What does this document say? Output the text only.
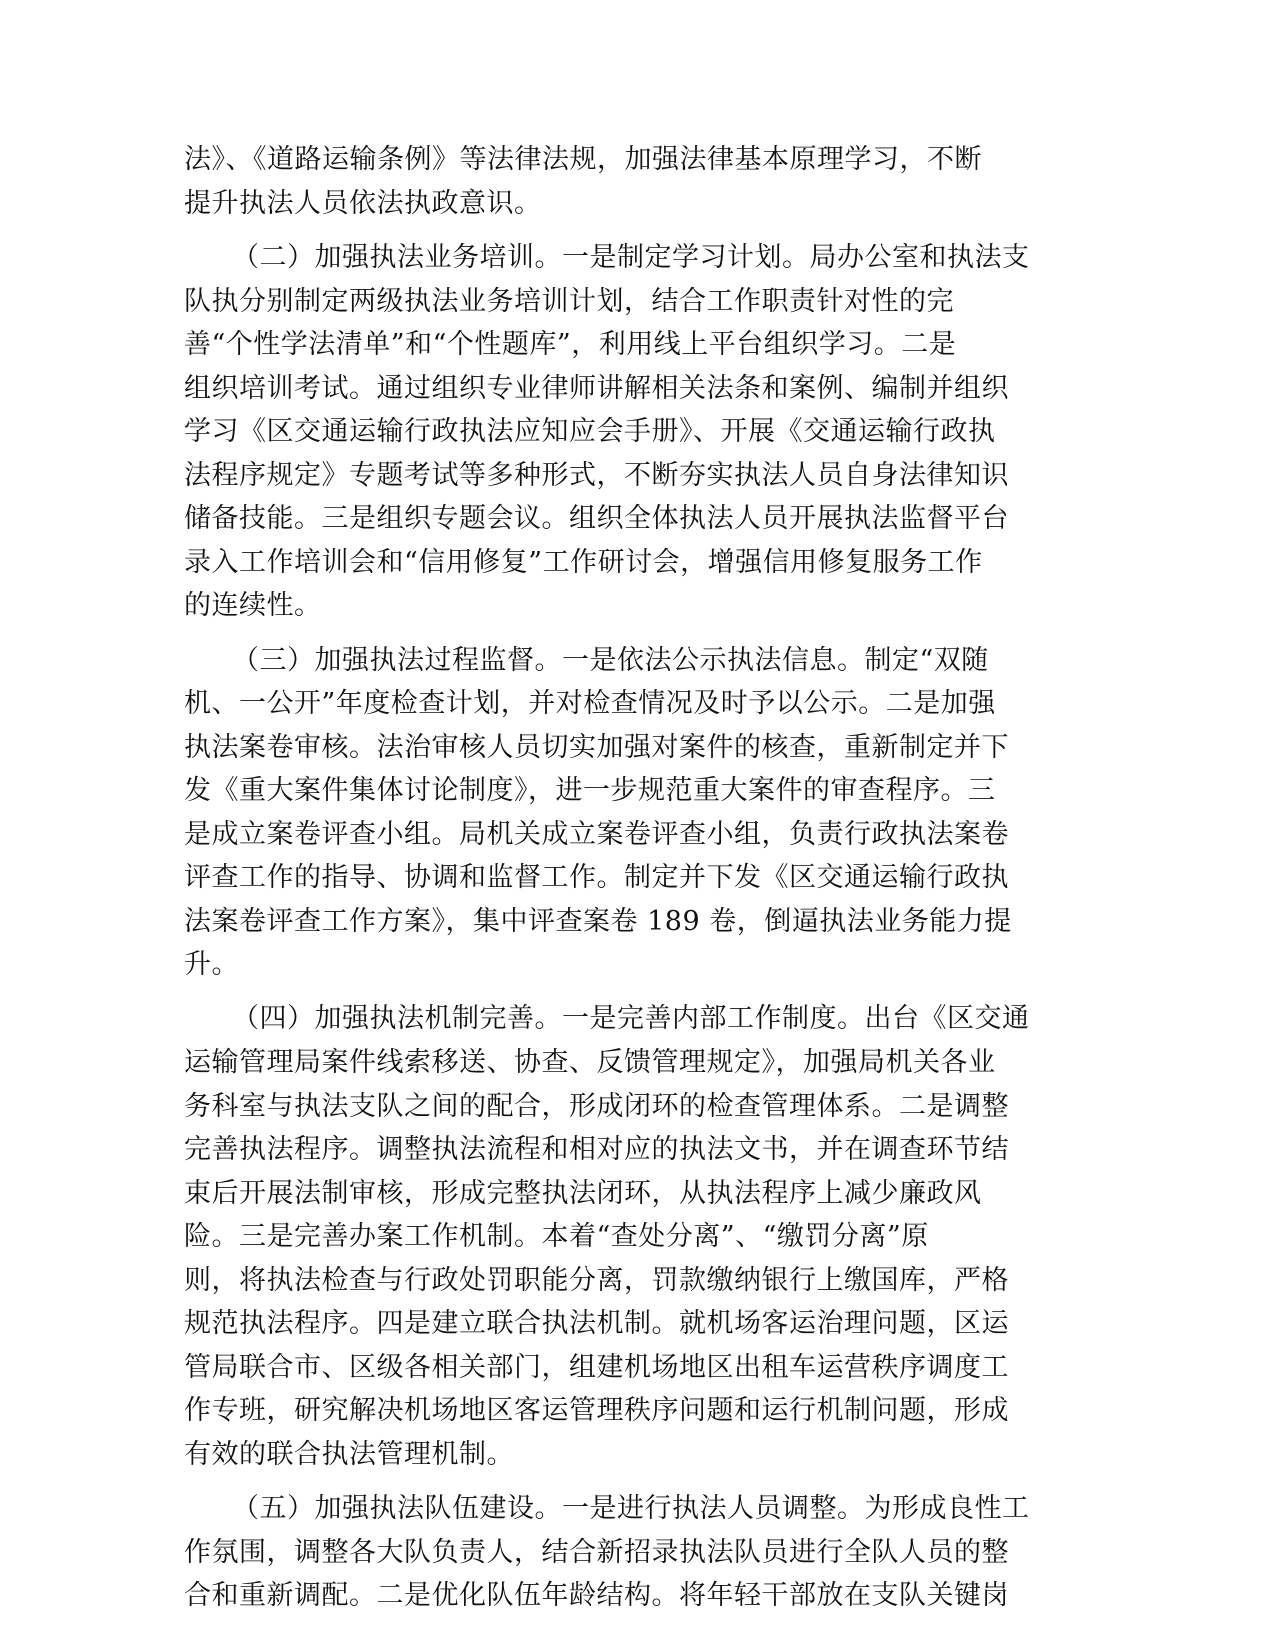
法》、《道路运输条例》等法律法规，加强法律基本原理学习，不断
提升执法人员依法执政意识。
（二）加强执法业务培训。一是制定学习计划。局办公室和执法支
队执分别制定两级执法业务培训计划，结合工作职责针对性的完
善“个性学法清单”和“个性题库”，利用线上平台组织学习。二是
组织培训考试。通过组织专业律师讲解相关法条和案例、编制并组织
学习《区交通运输行政执法应知应会手册》、开展《交通运输行政执
法程序规定》专题考试等多种形式，不断夯实执法人员自身法律知识
储备技能。三是组织专题会议。组织全体执法人员开展执法监督平台
录入工作培训会和“信用修复”工作研讨会，增强信用修复服务工作
的连续性。
（三）加强执法过程监督。一是依法公示执法信息。制定“双随
机、一公开”年度检查计划，并对检查情况及时予以公示。二是加强
执法案卷审核。法治审核人员切实加强对案件的核查，重新制定并下
发《重大案件集体讨论制度》，进一步规范重大案件的审查程序。三
是成立案卷评查小组。局机关成立案卷评查小组，负责行政执法案卷
评查工作的指导、协调和监督工作。制定并下发《区交通运输行政执
法案卷评查工作方案》，集中评查案卷 189 卷，倒逼执法业务能力提
升。
（四）加强执法机制完善。一是完善内部工作制度。出台《区交通
运输管理局案件线索移送、协查、反馈管理规定》，加强局机关各业
务科室与执法支队之间的配合，形成闭环的检查管理体系。二是调整
完善执法程序。调整执法流程和相对应的执法文书，并在调查环节结
束后开展法制审核，形成完整执法闭环，从执法程序上减少廉政风
险。三是完善办案工作机制。本着“查处分离”、“缴罚分离”原
则，将执法检查与行政处罚职能分离，罚款缴纳银行上缴国库，严格
规范执法程序。四是建立联合执法机制。就机场客运治理问题，区运
管局联合市、区级各相关部门，组建机场地区出租车运营秩序调度工
作专班，研究解决机场地区客运管理秩序问题和运行机制问题，形成
有效的联合执法管理机制。
（五）加强执法队伍建设。一是进行执法人员调整。为形成良性工
作氛围，调整各大队负责人，结合新招录执法队员进行全队人员的整
合和重新调配。二是优化队伍年龄结构。将年轻干部放在支队关键岗
